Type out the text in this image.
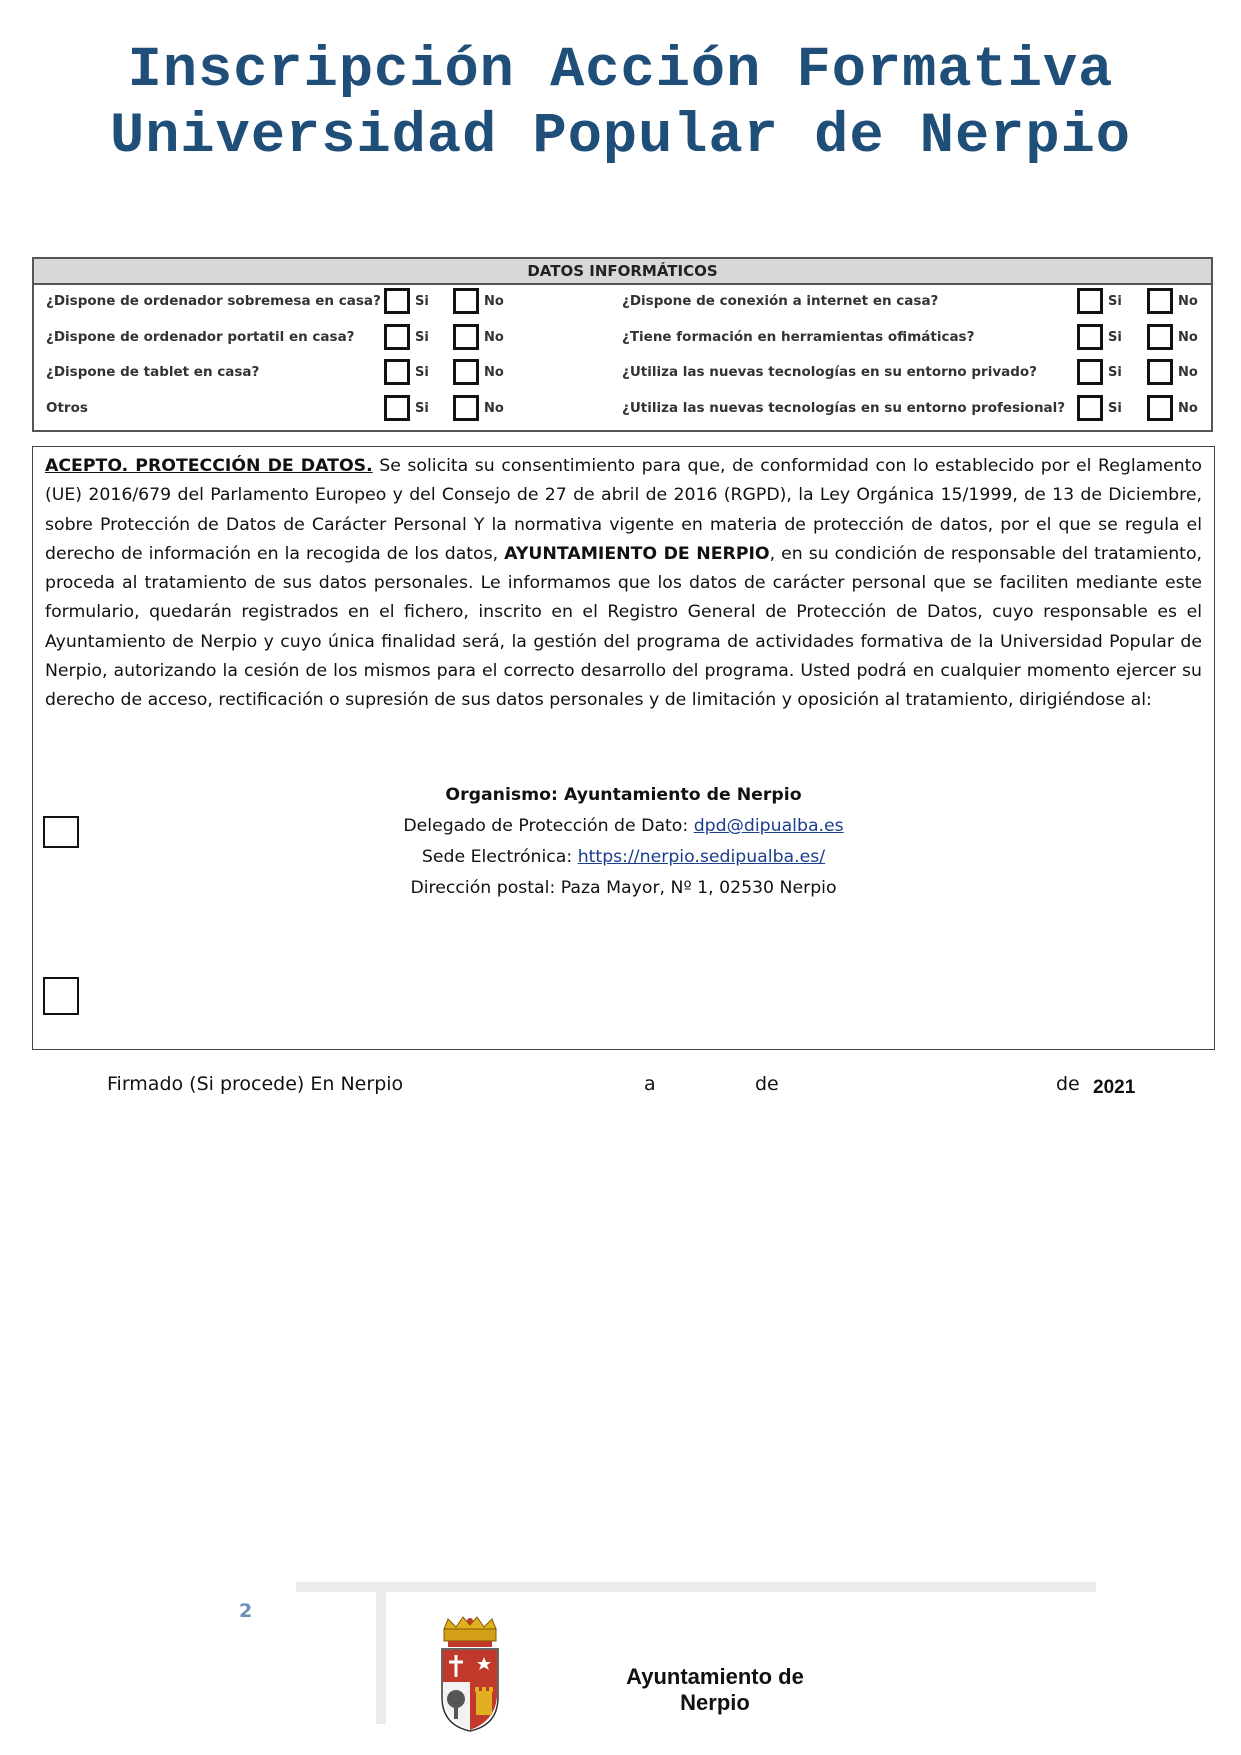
Inscripción Acción Formativa
Universidad Popular de Nerpio
DATOS INFORMÁTICOS
¿Dispone de ordenador sobremesa en casa?	Si	No	¿Dispone de conexión a internet en casa?	Si	No
¿Dispone de ordenador portatil en casa?	Si	No	¿Tiene formación en herramientas ofimáticas?	Si	No
¿Dispone de tablet en casa?	Si	No	¿Utiliza las nuevas tecnologías en su entorno privado?	Si	No
Otros	Si	No	¿Utiliza las nuevas tecnologías en su entorno profesional?	Si	No
ACEPTO. PROTECCIÓN DE DATOS. Se solicita su consentimiento para que, de conformidad con lo establecido por el Reglamento (UE) 2016/679 del Parlamento Europeo y del Consejo de 27 de abril de 2016 (RGPD), la Ley Orgánica 15/1999, de 13 de Diciembre, sobre Protección de Datos de Carácter Personal Y la normativa vigente en materia de protección de datos, por el que se regula el derecho de información en la recogida de los datos, AYUNTAMIENTO DE NERPIO, en su condición de responsable del tratamiento, proceda al tratamiento de sus datos personales. Le informamos que los datos de carácter personal que se faciliten mediante este formulario, quedarán registrados en el fichero, inscrito en el Registro General de Protección de Datos, cuyo responsable es el Ayuntamiento de Nerpio y cuyo única finalidad será, la gestión del programa de actividades formativa de la Universidad Popular de Nerpio, autorizando la cesión de los mismos para el correcto desarrollo del programa. Usted podrá en cualquier momento ejercer su derecho de acceso, rectificación o supresión de sus datos personales y de limitación y oposición al tratamiento, dirigiéndose al:
Organismo: Ayuntamiento de Nerpio
Delegado de Protección de Dato: dpd@dipualba.es
Sede Electrónica: https://nerpio.sedipualba.es/
Dirección postal: Paza Mayor, Nº 1, 02530 Nerpio
Firmado (Si procede) En Nerpio	a	de	de 2021
2
Ayuntamiento de
Nerpio
